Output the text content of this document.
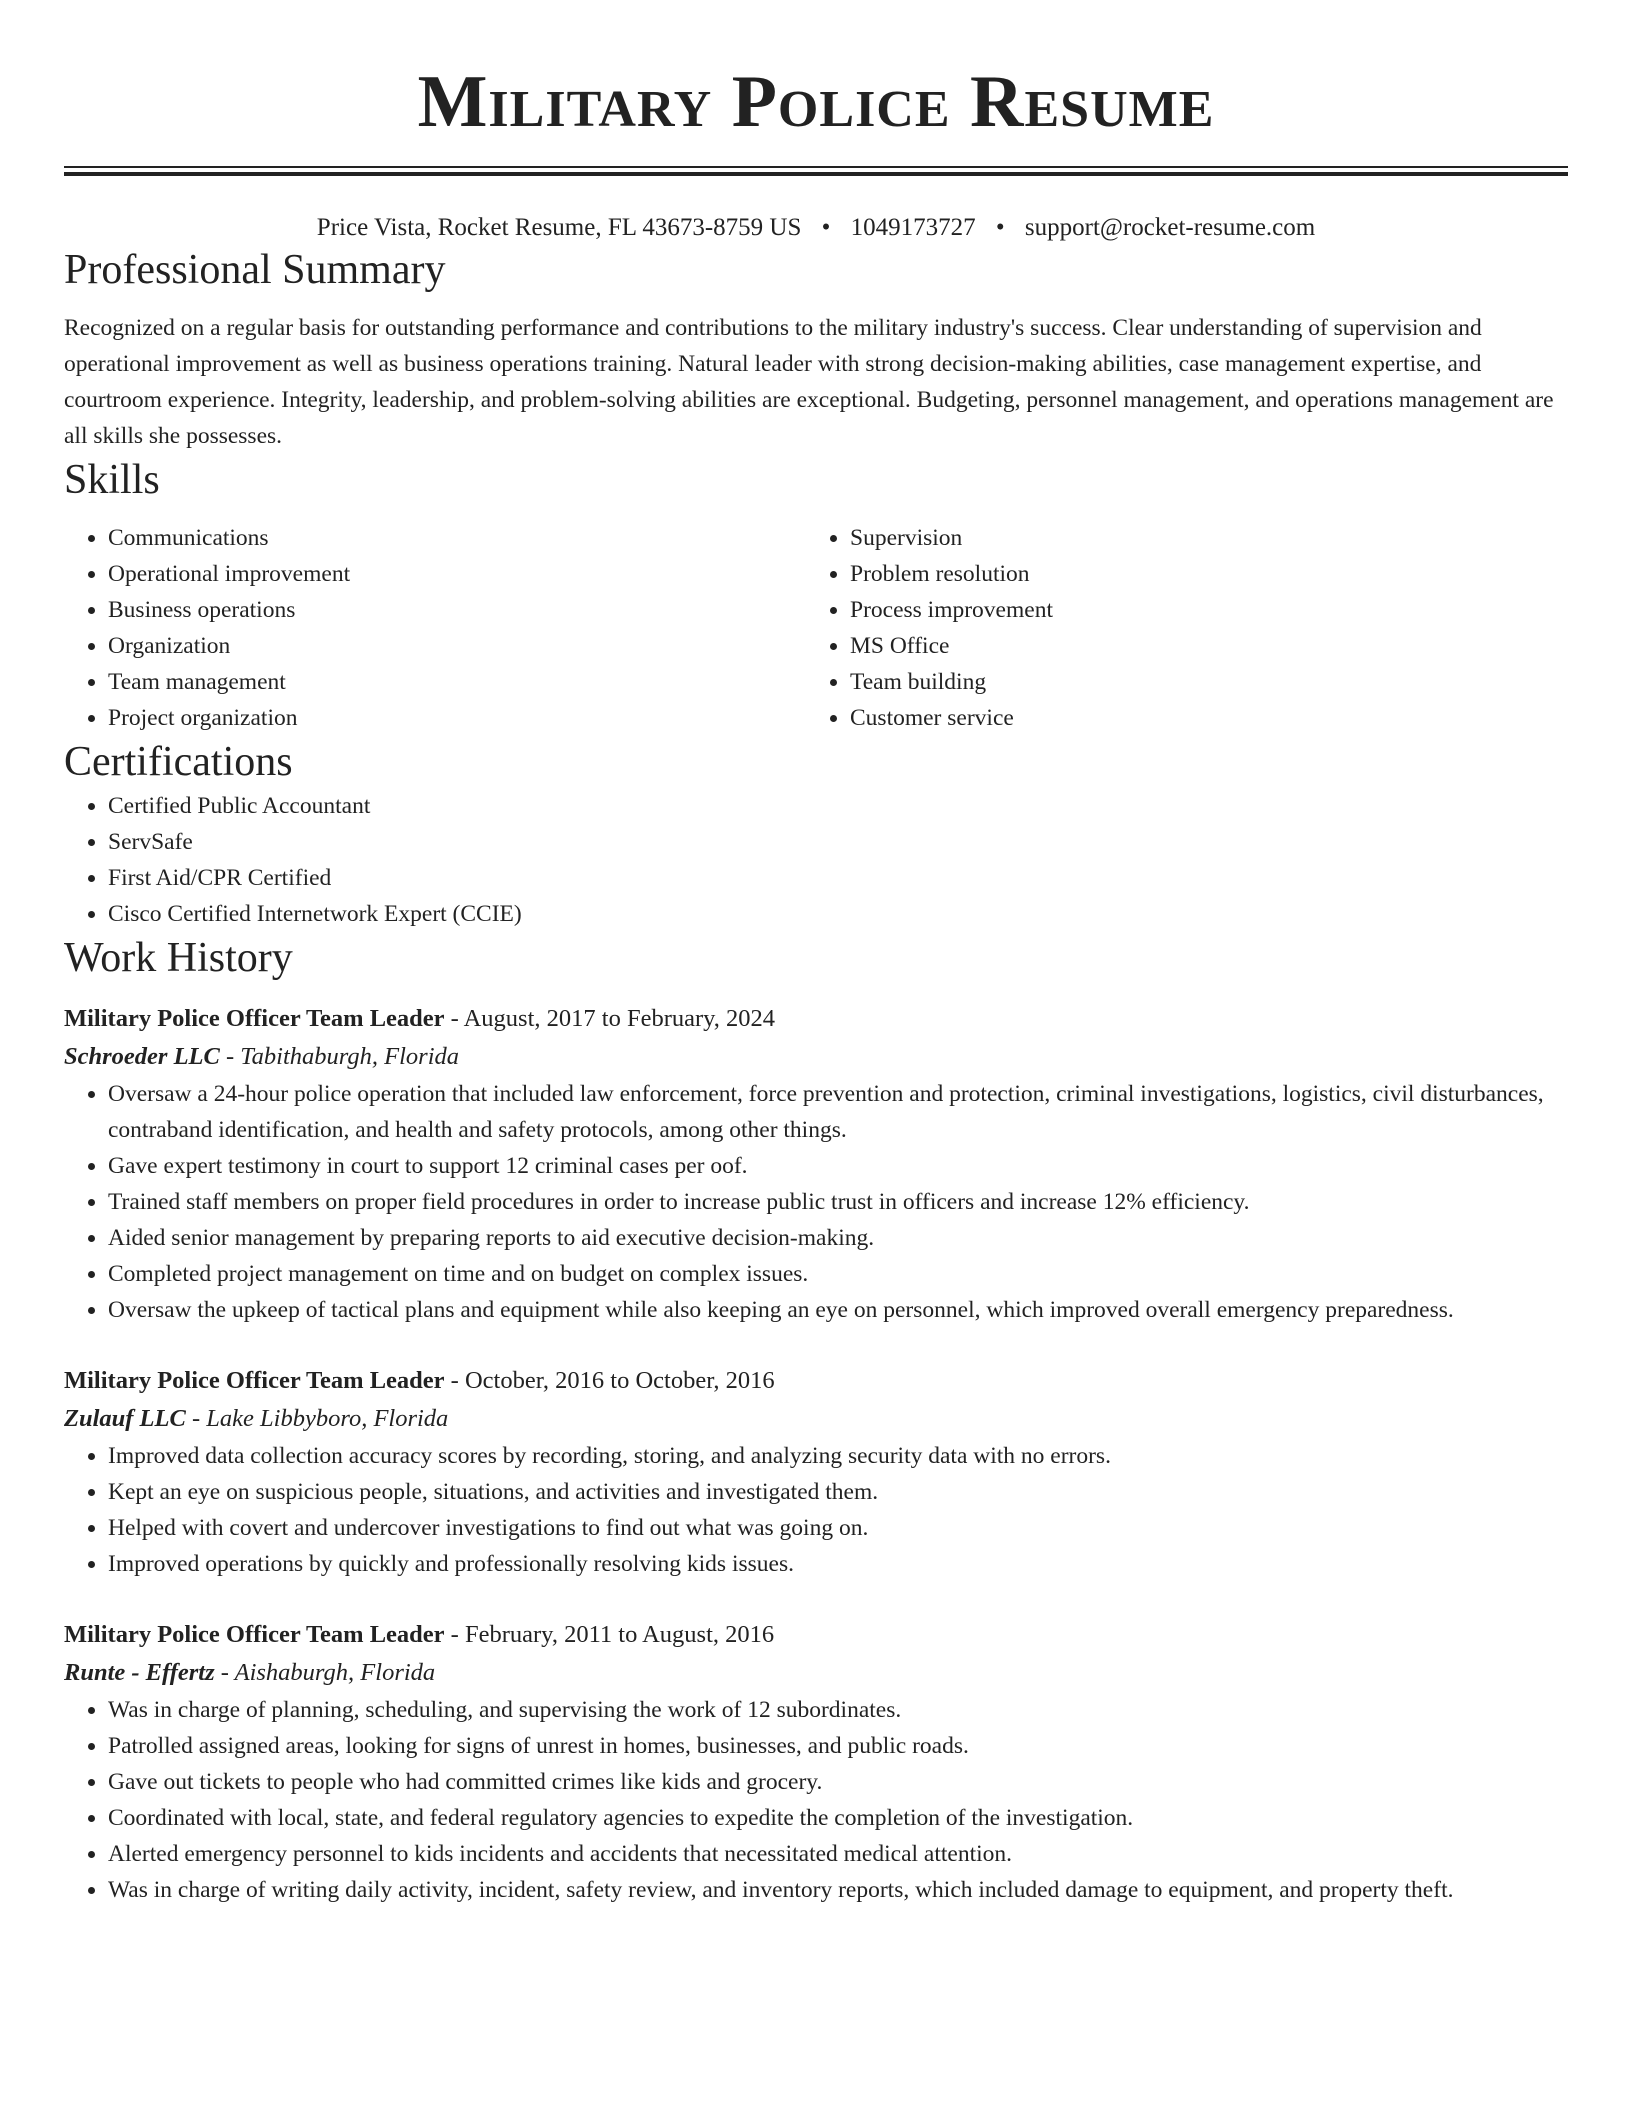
Military Police Resume
Price Vista, Rocket Resume, FL 43673-8759 US • 1049173727 • support@rocket-resume.com
Professional Summary

Recognized on a regular basis for outstanding performance and contributions to the military industry's success. Clear understanding of supervision and operational improvement as well as business operations training. Natural leader with strong decision-making abilities, case management expertise, and courtroom experience. Integrity, leadership, and problem-solving abilities are exceptional. Budgeting, personnel management, and operations management are all skills she possesses.

Skills
• Communications
• Operational improvement
• Business operations
• Organization
• Team management
• Project organization
• Supervision
• Problem resolution
• Process improvement
• MS Office
• Team building
• Customer service
Certifications
• Certified Public Accountant
• ServSafe
• First Aid/CPR Certified
• Cisco Certified Internetwork Expert (CCIE)
Work History
Military Police Officer Team Leader - August, 2017 to February, 2024
Schroeder LLC - Tabithaburgh, Florida
• Oversaw a 24-hour police operation that included law enforcement, force prevention and protection, criminal investigations, logistics, civil disturbances, contraband identification, and health and safety protocols, among other things.
• Gave expert testimony in court to support 12 criminal cases per oof.
• Trained staff members on proper field procedures in order to increase public trust in officers and increase 12% efficiency.
• Aided senior management by preparing reports to aid executive decision-making.
• Completed project management on time and on budget on complex issues.
• Oversaw the upkeep of tactical plans and equipment while also keeping an eye on personnel, which improved overall emergency preparedness.
Military Police Officer Team Leader - October, 2016 to October, 2016
Zulauf LLC - Lake Libbyboro, Florida
• Improved data collection accuracy scores by recording, storing, and analyzing security data with no errors.
• Kept an eye on suspicious people, situations, and activities and investigated them.
• Helped with covert and undercover investigations to find out what was going on.
• Improved operations by quickly and professionally resolving kids issues.
Military Police Officer Team Leader - February, 2011 to August, 2016
Runte - Effertz - Aishaburgh, Florida
• Was in charge of planning, scheduling, and supervising the work of 12 subordinates.
• Patrolled assigned areas, looking for signs of unrest in homes, businesses, and public roads.
• Gave out tickets to people who had committed crimes like kids and grocery.
• Coordinated with local, state, and federal regulatory agencies to expedite the completion of the investigation.
• Alerted emergency personnel to kids incidents and accidents that necessitated medical attention.
• Was in charge of writing daily activity, incident, safety review, and inventory reports, which included damage to equipment, and property theft.
